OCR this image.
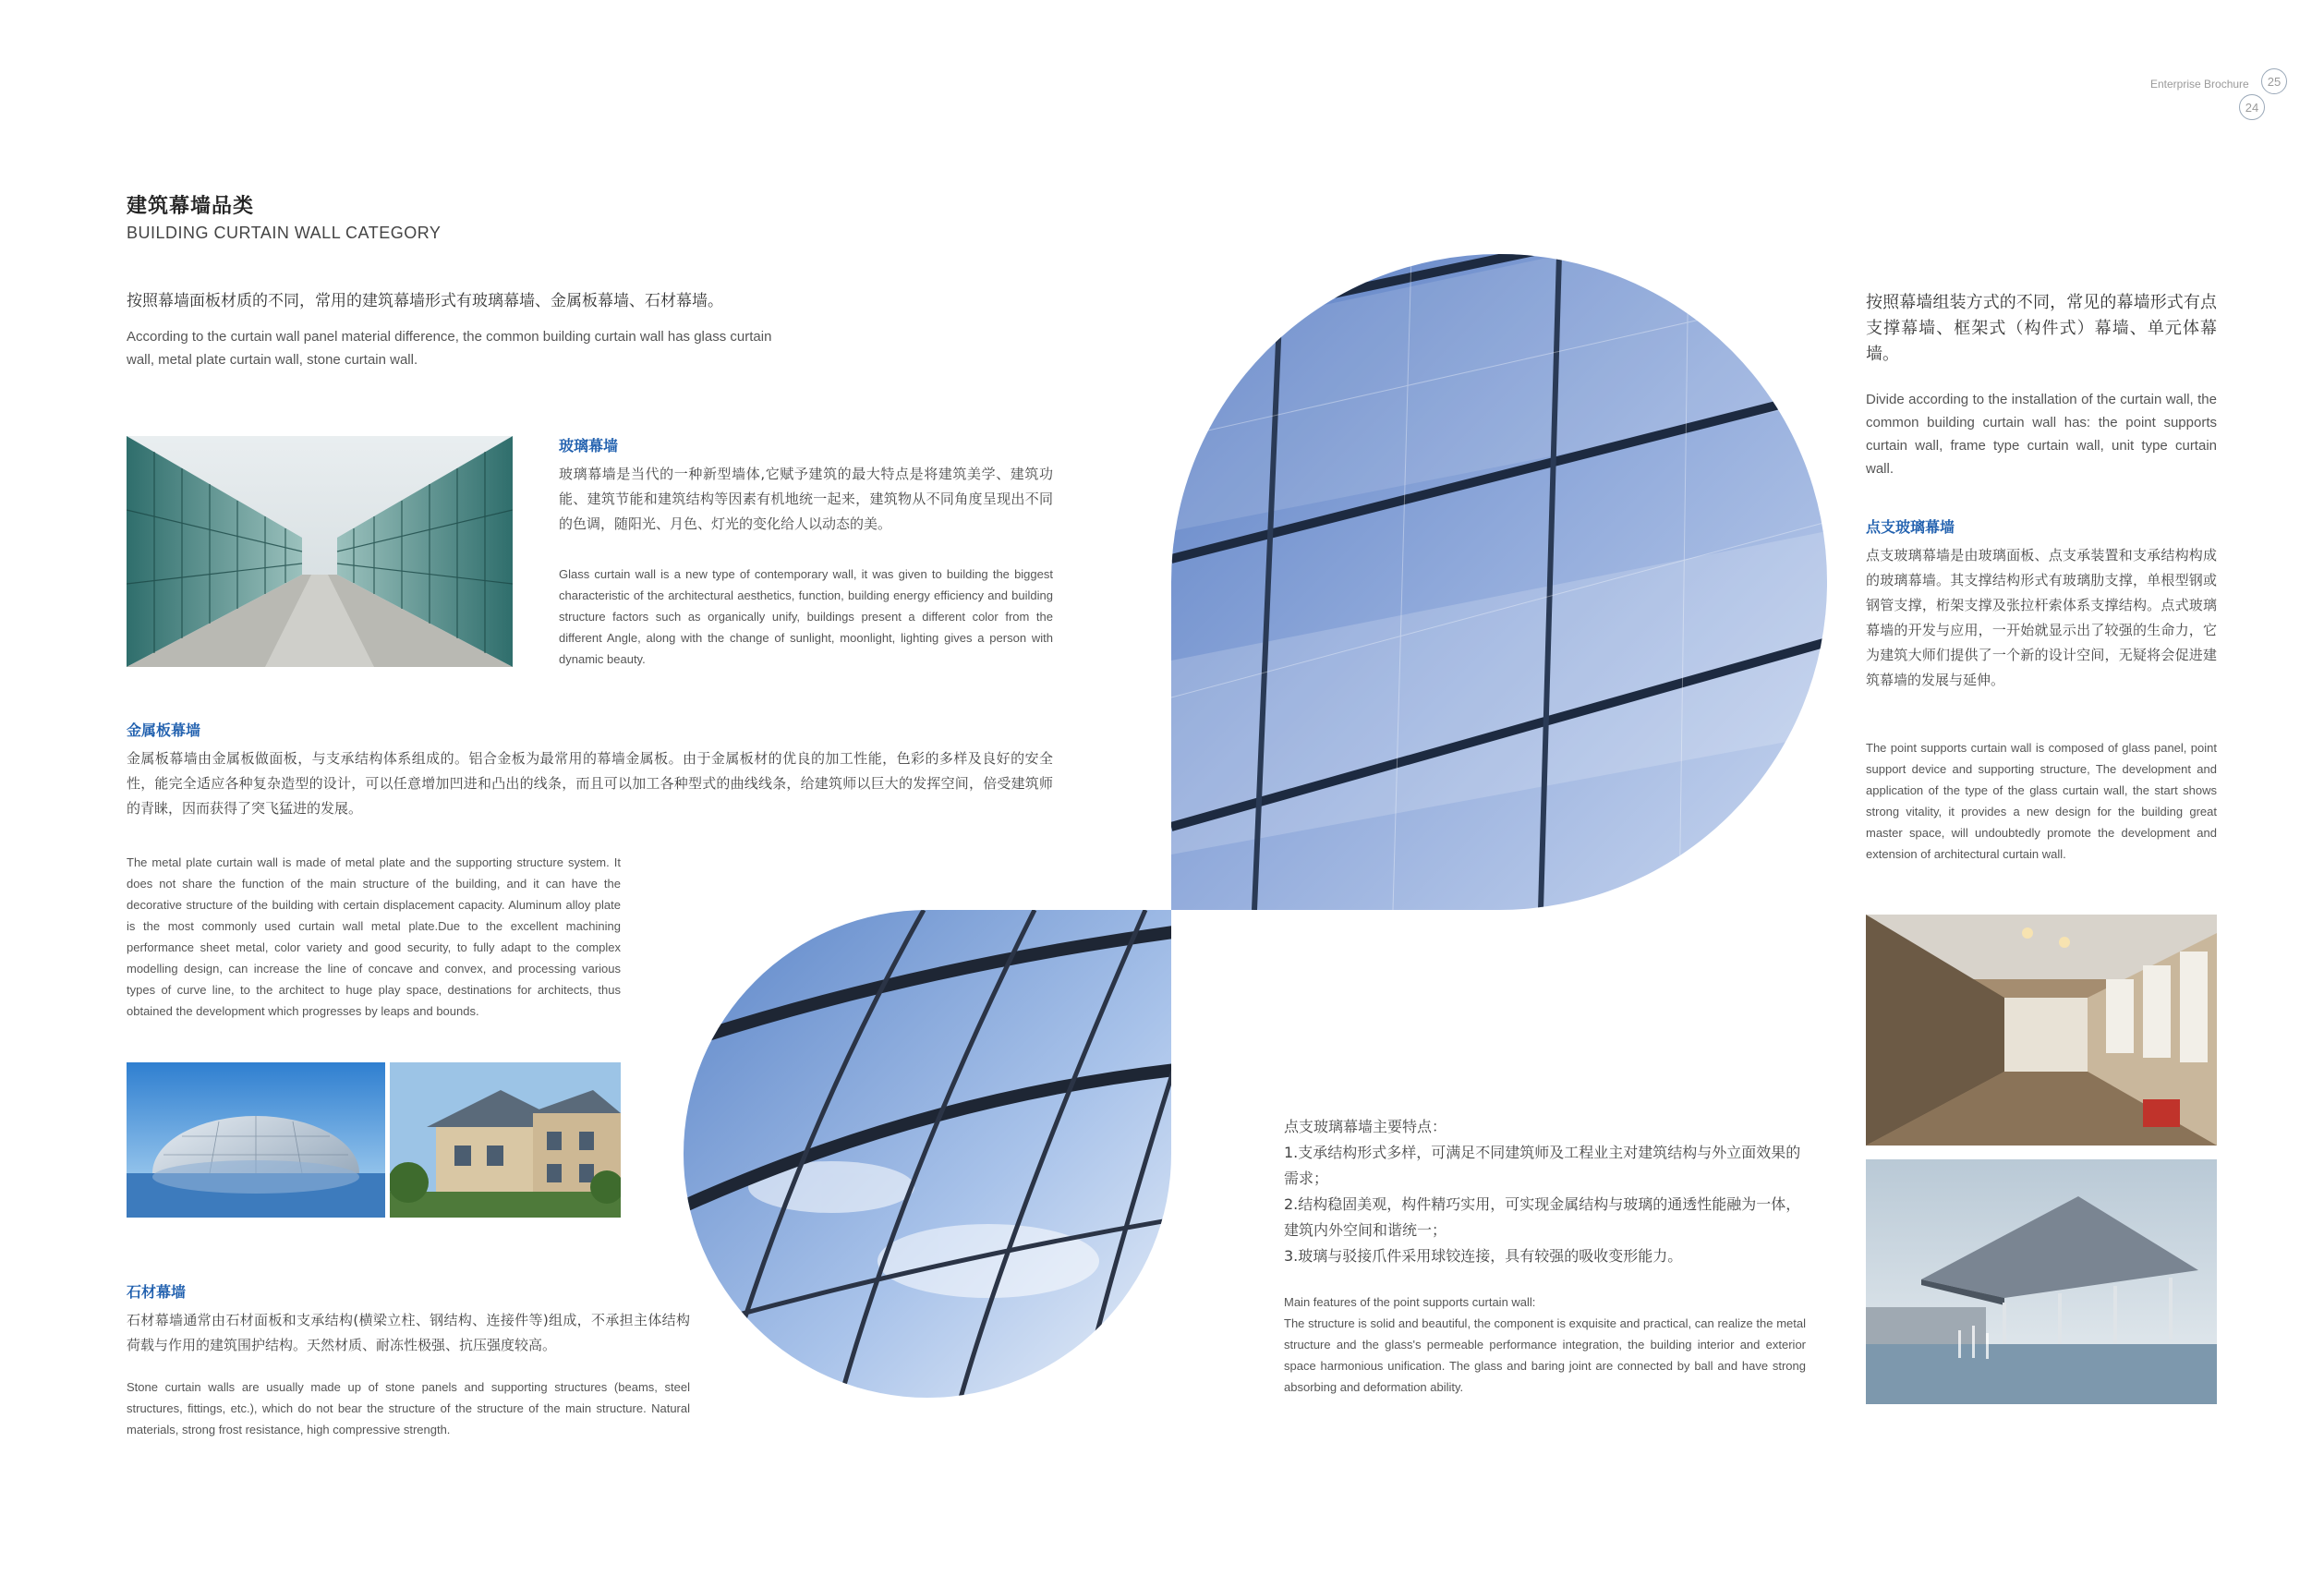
Enterprise Brochure	25
24
建筑幕墙品类
BUILDING CURTAIN WALL CATEGORY
按照幕墙面板材质的不同，常用的建筑幕墙形式有玻璃幕墙、金属板幕墙、石材幕墙。
According to the curtain wall panel material difference, the common building curtain wall has glass curtain wall, metal plate curtain wall, stone curtain wall.
玻璃幕墙
玻璃幕墙是当代的一种新型墙体,它赋予建筑的最大特点是将建筑美学、建筑功能、建筑节能和建筑结构等因素有机地统一起来，建筑物从不同角度呈现出不同的色调，随阳光、月色、灯光的变化给人以动态的美。
Glass curtain wall is a new type of contemporary wall, it was given to building the biggest characteristic of the architectural aesthetics, function, building energy efficiency and building structure factors such as organically unify, buildings present a different color from the different Angle, along with the change of sunlight, moonlight, lighting gives a person with dynamic beauty.
金属板幕墙
金属板幕墙由金属板做面板，与支承结构体系组成的。铝合金板为最常用的幕墙金属板。由于金属板材的优良的加工性能，色彩的多样及良好的安全性，能完全适应各种复杂造型的设计，可以任意增加凹进和凸出的线条，而且可以加工各种型式的曲线线条，给建筑师以巨大的发挥空间，倍受建筑师的青睐，因而获得了突飞猛进的发展。
The metal plate curtain wall is made of metal plate and the supporting structure system. It does not share the function of the main structure of the building, and it can have the decorative structure of the building with certain displacement capacity. Aluminum alloy plate is the most commonly used curtain wall metal plate.Due to the excellent machining performance sheet metal, color variety and good security, to fully adapt to the complex modelling design, can increase the line of concave and convex, and processing various types of curve line, to the architect to huge play space, destinations for architects, thus obtained the development which progresses by leaps and bounds.
石材幕墙
石材幕墙通常由石材面板和支承结构(横梁立柱、钢结构、连接件等)组成，不承担主体结构荷载与作用的建筑围护结构。天然材质、耐冻性极强、抗压强度较高。
Stone curtain walls are usually made up of stone panels and supporting structures (beams, steel structures, fittings, etc.), which do not bear the structure of the structure of the main structure. Natural materials, strong frost resistance, high compressive strength.
点支玻璃幕墙主要特点：
1.支承结构形式多样，可满足不同建筑师及工程业主对建筑结构与外立面效果的需求；
2.结构稳固美观，构件精巧实用，可实现金属结构与玻璃的通透性能融为一体，建筑内外空间和谐统一；
3.玻璃与驳接爪件采用球铰连接，具有较强的吸收变形能力。
Main features of the point supports curtain wall:
The structure is solid and beautiful, the component is exquisite and practical, can realize the metal structure and the glass's permeable performance integration, the building interior and exterior space harmonious unification. The glass and baring joint are connected by ball and have strong absorbing and deformation ability.
按照幕墙组装方式的不同，常见的幕墙形式有点支撑幕墙、框架式（构件式）幕墙、单元体幕墙。
Divide according to the installation of the curtain wall, the common building curtain wall has: the point supports curtain wall, frame type curtain wall, unit type curtain wall.
点支玻璃幕墙
点支玻璃幕墙是由玻璃面板、点支承装置和支承结构构成的玻璃幕墙。其支撑结构形式有玻璃肋支撑，单根型钢或钢管支撑，桁架支撑及张拉杆索体系支撑结构。点式玻璃幕墙的开发与应用，一开始就显示出了较强的生命力，它为建筑大师们提供了一个新的设计空间，无疑将会促进建筑幕墙的发展与延伸。
The point supports curtain wall is composed of glass panel, point support device and supporting structure, The development and application of the type of the glass curtain wall, the start shows strong vitality, it provides a new design for the building great master space, will undoubtedly promote the development and extension of architectural curtain wall.
